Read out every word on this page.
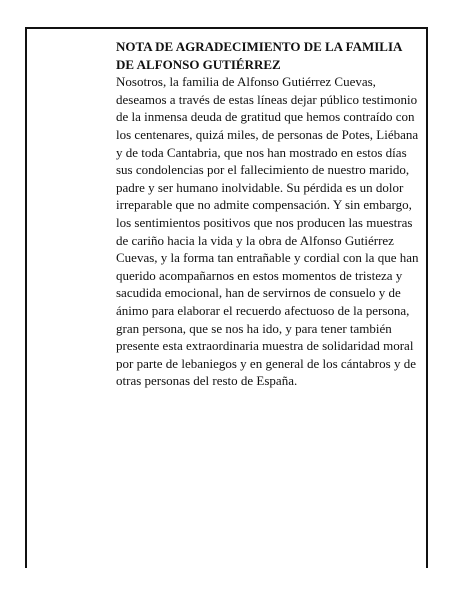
NOTA DE AGRADECIMIENTO DE LA FAMILIA DE ALFONSO GUTIÉRREZ

Nosotros, la familia de Alfonso Gutiérrez Cuevas, deseamos a través de estas líneas dejar público testimonio de la inmensa deuda de gratitud que hemos contraído con los centenares, quizá miles, de personas de Potes, Liébana y de toda Cantabria, que nos han mostrado en estos días sus condolencias por el fallecimiento de nuestro marido, padre y ser humano inolvidable. Su pérdida es un dolor irreparable que no admite compensación. Y sin embargo, los sentimientos positivos que nos producen las muestras de cariño hacia la vida y la obra de Alfonso Gutiérrez Cuevas, y la forma tan entrañable y cordial con la que han querido acompañarnos en estos momentos de tristeza y sacudida emocional, han de servirnos de consuelo y de ánimo para elaborar el recuerdo afectuoso de la persona, gran persona, que se nos ha ido, y para tener también presente esta extraordinaria muestra de solidaridad moral por parte de lebaniegos y en general de los cántabros y de otras personas del resto de España.
